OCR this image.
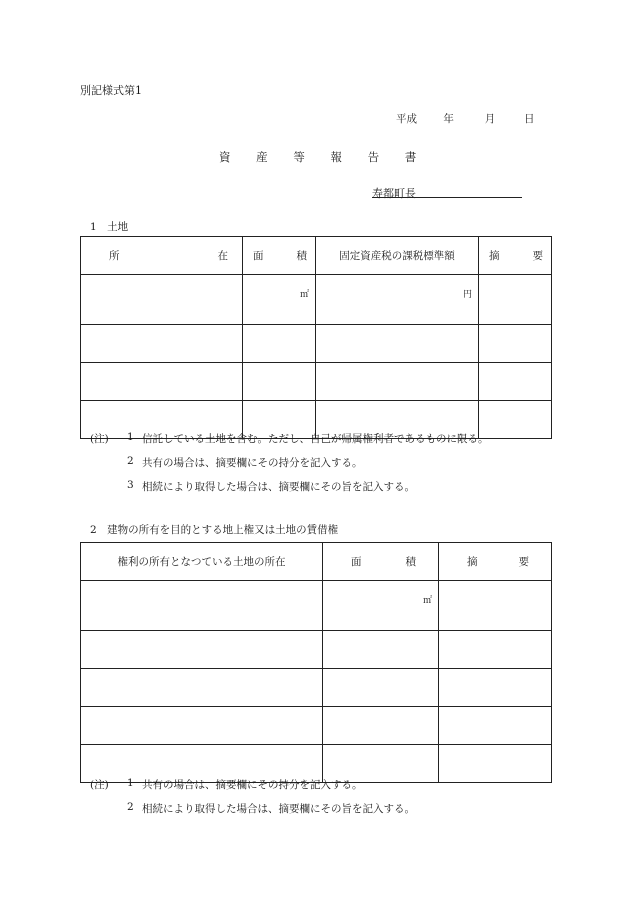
別記様式第1
平成	年	月	日
資 産 等 報 告 書
寿都町長
1　土地
所 在	面 積	固定資産税の課税標準額	摘 要

	㎡	円	

(注) 1 信託している土地を含む。ただし、自己が帰属権利者であるものに限る。
2 共有の場合は、摘要欄にその持分を記入する。
3 相続により取得した場合は、摘要欄にその旨を記入する。
2　建物の所有を目的とする地上権又は土地の賃借権
権利の所有となつている土地の所在	面 積	摘 要

	㎡	

(注) 1 共有の場合は、摘要欄にその持分を記入する。
2 相続により取得した場合は、摘要欄にその旨を記入する。
